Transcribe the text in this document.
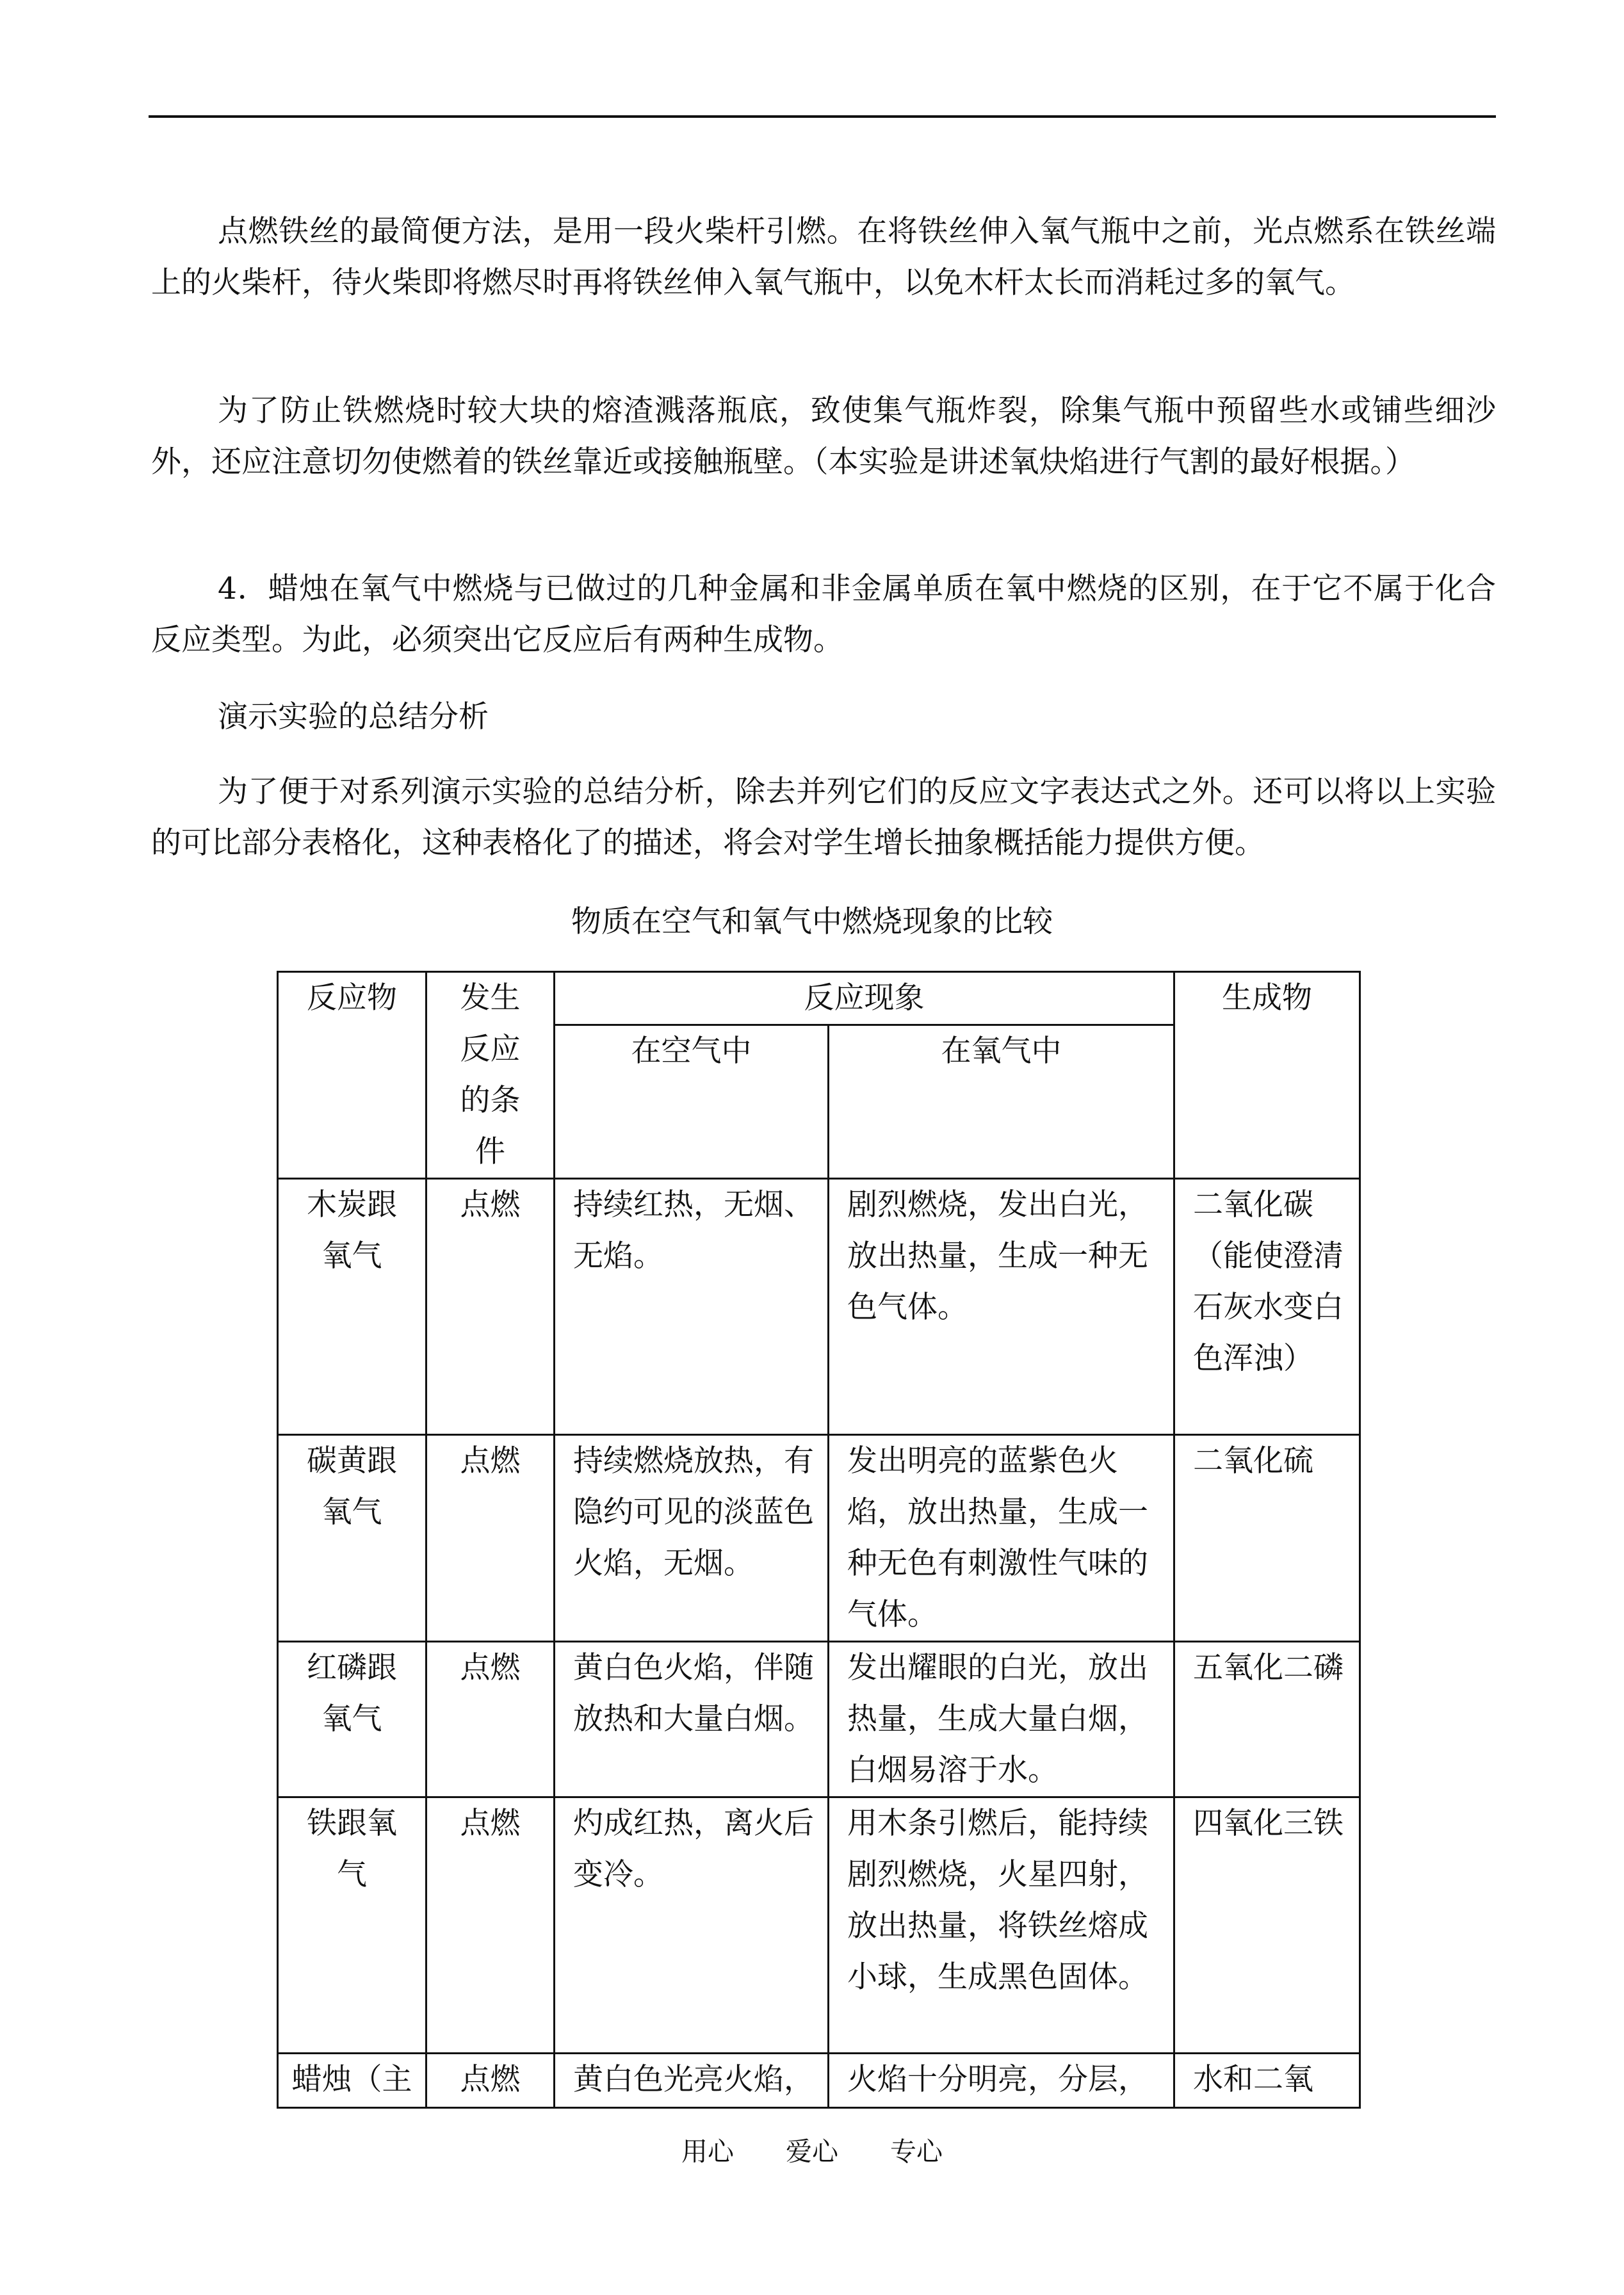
点燃铁丝的最简便方法，是用一段火柴杆引燃。在将铁丝伸入氧气瓶中之前，光点燃系在铁丝端上的火柴杆，待火柴即将燃尽时再将铁丝伸入氧气瓶中，以免木杆太长而消耗过多的氧气。

为了防止铁燃烧时较大块的熔渣溅落瓶底，致使集气瓶炸裂，除集气瓶中预留些水或铺些细沙外，还应注意切勿使燃着的铁丝靠近或接触瓶壁。（本实验是讲述氧炔焰进行气割的最好根据。）

4．蜡烛在氧气中燃烧与已做过的几种金属和非金属单质在氧中燃烧的区别，在于它不属于化合反应类型。为此，必须突出它反应后有两种生成物。

演示实验的总结分析

为了便于对系列演示实验的总结分析，除去并列它们的反应文字表达式之外。还可以将以上实验的可比部分表格化，这种表格化了的描述，将会对学生增长抽象概括能力提供方便。

物质在空气和氧气中燃烧现象的比较
反应物	发生反应的条件	反应现象		生成物

		在空气中	在氧气中	

木炭跟氧气	点燃	持续红热，无烟、无焰。	剧烈燃烧，发出白光，放出热量，生成一种无色气体。	二氧化碳（能使澄清石灰水变白色浑浊）

碳黄跟氧气	点燃	持续燃烧放热，有隐约可见的淡蓝色火焰，无烟。	发出明亮的蓝紫色火焰，放出热量，生成一种无色有刺激性气味的气体。	二氧化硫

红磷跟氧气	点燃	黄白色火焰，伴随放热和大量白烟。	发出耀眼的白光，放出热量，生成大量白烟，白烟易溶于水。	五氧化二磷

铁跟氧气	点燃	灼成红热，离火后变冷。	用木条引燃后，能持续剧烈燃烧，火星四射，放出热量，将铁丝熔成小球，生成黑色固体。	四氧化三铁

蜡烛（主	点燃	黄白色光亮火焰，	火焰十分明亮，分层，	水和二氧
用心 爱心 专心
